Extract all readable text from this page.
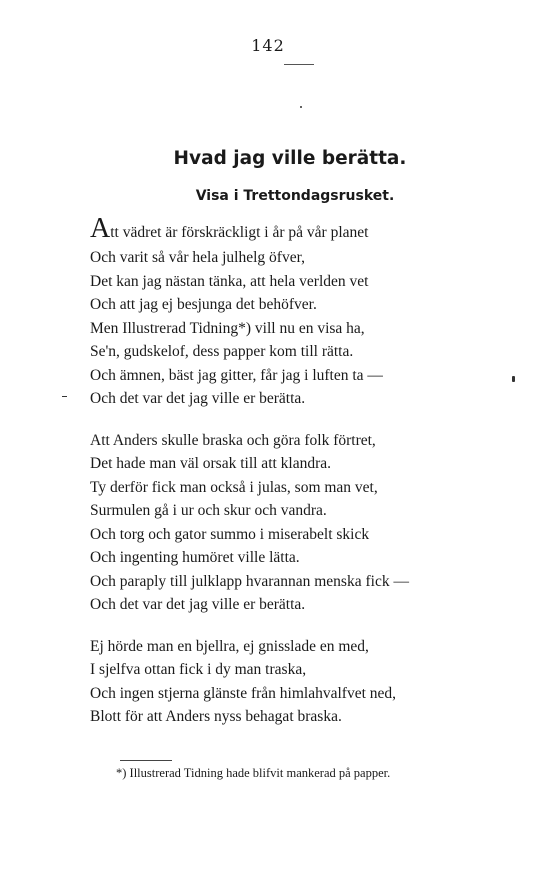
142
Hvad jag ville berätta.
Visa i Trettondagsrusket.
Att vädret är förskräckligt i år på vår planet
Och varit så vår hela julhelg öfver,
Det kan jag nästan tänka, att hela verlden vet
Och att jag ej besjunga det behöfver.
Men Illustrerad Tidning*) vill nu en visa ha,
Se'n, gudskelof, dess papper kom till rätta.
Och ämnen, bäst jag gitter, får jag i luften ta —
Och det var det jag ville er berätta.
Att Anders skulle braska och göra folk förtret,
Det hade man väl orsak till att klandra.
Ty derför fick man också i julas, som man vet,
Surmulen gå i ur och skur och vandra.
Och torg och gator summo i miserabelt skick
Och ingenting humöret ville lätta.
Och paraply till julklapp hvarannan menska fick —
Och det var det jag ville er berätta.
Ej hörde man en bjellra, ej gnisslade en med,
I sjelfva ottan fick i dy man traska,
Och ingen stjerna glänste från himlahvalfvet ned,
Blott för att Anders nyss behagat braska.
*) Illustrerad Tidning hade blifvit mankerad på papper.
